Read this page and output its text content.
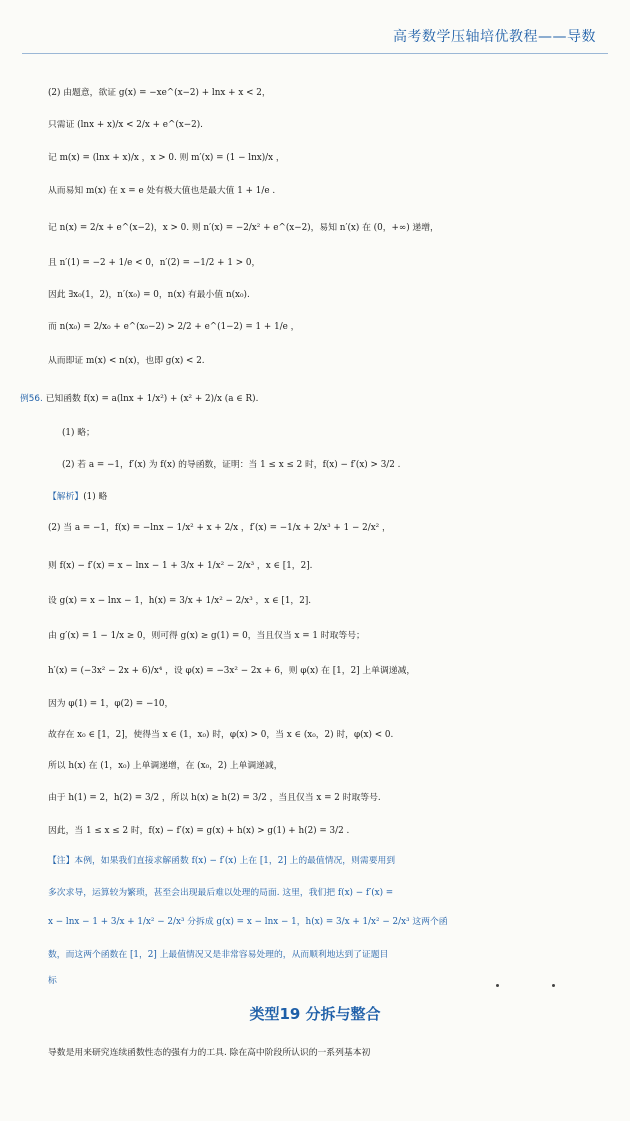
高考数学压轴培优教程——导数
(2) 由题意，欲证 g(x) = −xe^(x−2) + lnx + x < 2，
只需证 (lnx + x)/x < 2/x + e^(x−2).
记 m(x) = (lnx + x)/x ，x > 0. 则 m′(x) = (1 − lnx)/x ，
从而易知 m(x) 在 x = e 处有极大值也是最大值 1 + 1/e .
记 n(x) = 2/x + e^(x−2)，x > 0. 则 n′(x) = −2/x² + e^(x−2)，易知 n′(x) 在 (0，+∞) 递增，
且 n′(1) = −2 + 1/e < 0，n′(2) = −1/2 + 1 > 0，
因此 ∃x₀(1，2)，n′(x₀) = 0，n(x) 有最小值 n(x₀).
而 n(x₀) = 2/x₀ + e^(x₀−2) > 2/2 + e^(1−2) = 1 + 1/e ，
从而即证 m(x) < n(x)，也即 g(x) < 2.
例56. 已知函数 f(x) = a(lnx + 1/x²) + (x² + 2)/x (a ∈ R).
(1) 略；
(2) 若 a = −1，f′(x) 为 f(x) 的导函数，证明：当 1 ≤ x ≤ 2 时，f(x) − f′(x) > 3/2 .
【解析】(1) 略
(2) 当 a = −1，f(x) = −lnx − 1/x² + x + 2/x ，f′(x) = −1/x + 2/x³ + 1 − 2/x² ，
则 f(x) − f′(x) = x − lnx − 1 + 3/x + 1/x² − 2/x³ ，x ∈ [1，2].
设 g(x) = x − lnx − 1，h(x) = 3/x + 1/x² − 2/x³ ，x ∈ [1，2].
由 g′(x) = 1 − 1/x ≥ 0，则可得 g(x) ≥ g(1) = 0，当且仅当 x = 1 时取等号；
h′(x) = (−3x² − 2x + 6)/x⁴ ，设 φ(x) = −3x² − 2x + 6，则 φ(x) 在 [1，2] 上单调递减，
因为 φ(1) = 1，φ(2) = −10，
故存在 x₀ ∈ [1，2]，使得当 x ∈ (1，x₀) 时，φ(x) > 0，当 x ∈ (x₀，2) 时，φ(x) < 0.
所以 h(x) 在 (1，x₀) 上单调递增，在 (x₀，2) 上单调递减，
由于 h(1) = 2，h(2) = 3/2 ，所以 h(x) ≥ h(2) = 3/2 ，当且仅当 x = 2 时取等号.
因此，当 1 ≤ x ≤ 2 时，f(x) − f′(x) = g(x) + h(x) > g(1) + h(2) = 3/2 .
【注】本例，如果我们直接求解函数 f(x) − f′(x) 上在 [1，2] 上的最值情况，则需要用到
多次求导，运算较为繁琐，甚至会出现最后难以处理的局面. 这里，我们把 f(x) − f′(x) =
x − lnx − 1 + 3/x + 1/x² − 2/x³ 分拆成 g(x) = x − lnx − 1，h(x) = 3/x + 1/x² − 2/x³ 这两个函
数，而这两个函数在 [1，2] 上最值情况又是非常容易处理的，从而顺利地达到了证题目
标
类型19 分拆与整合
导数是用来研究连续函数性态的强有力的工具. 除在高中阶段所认识的一系列基本初
